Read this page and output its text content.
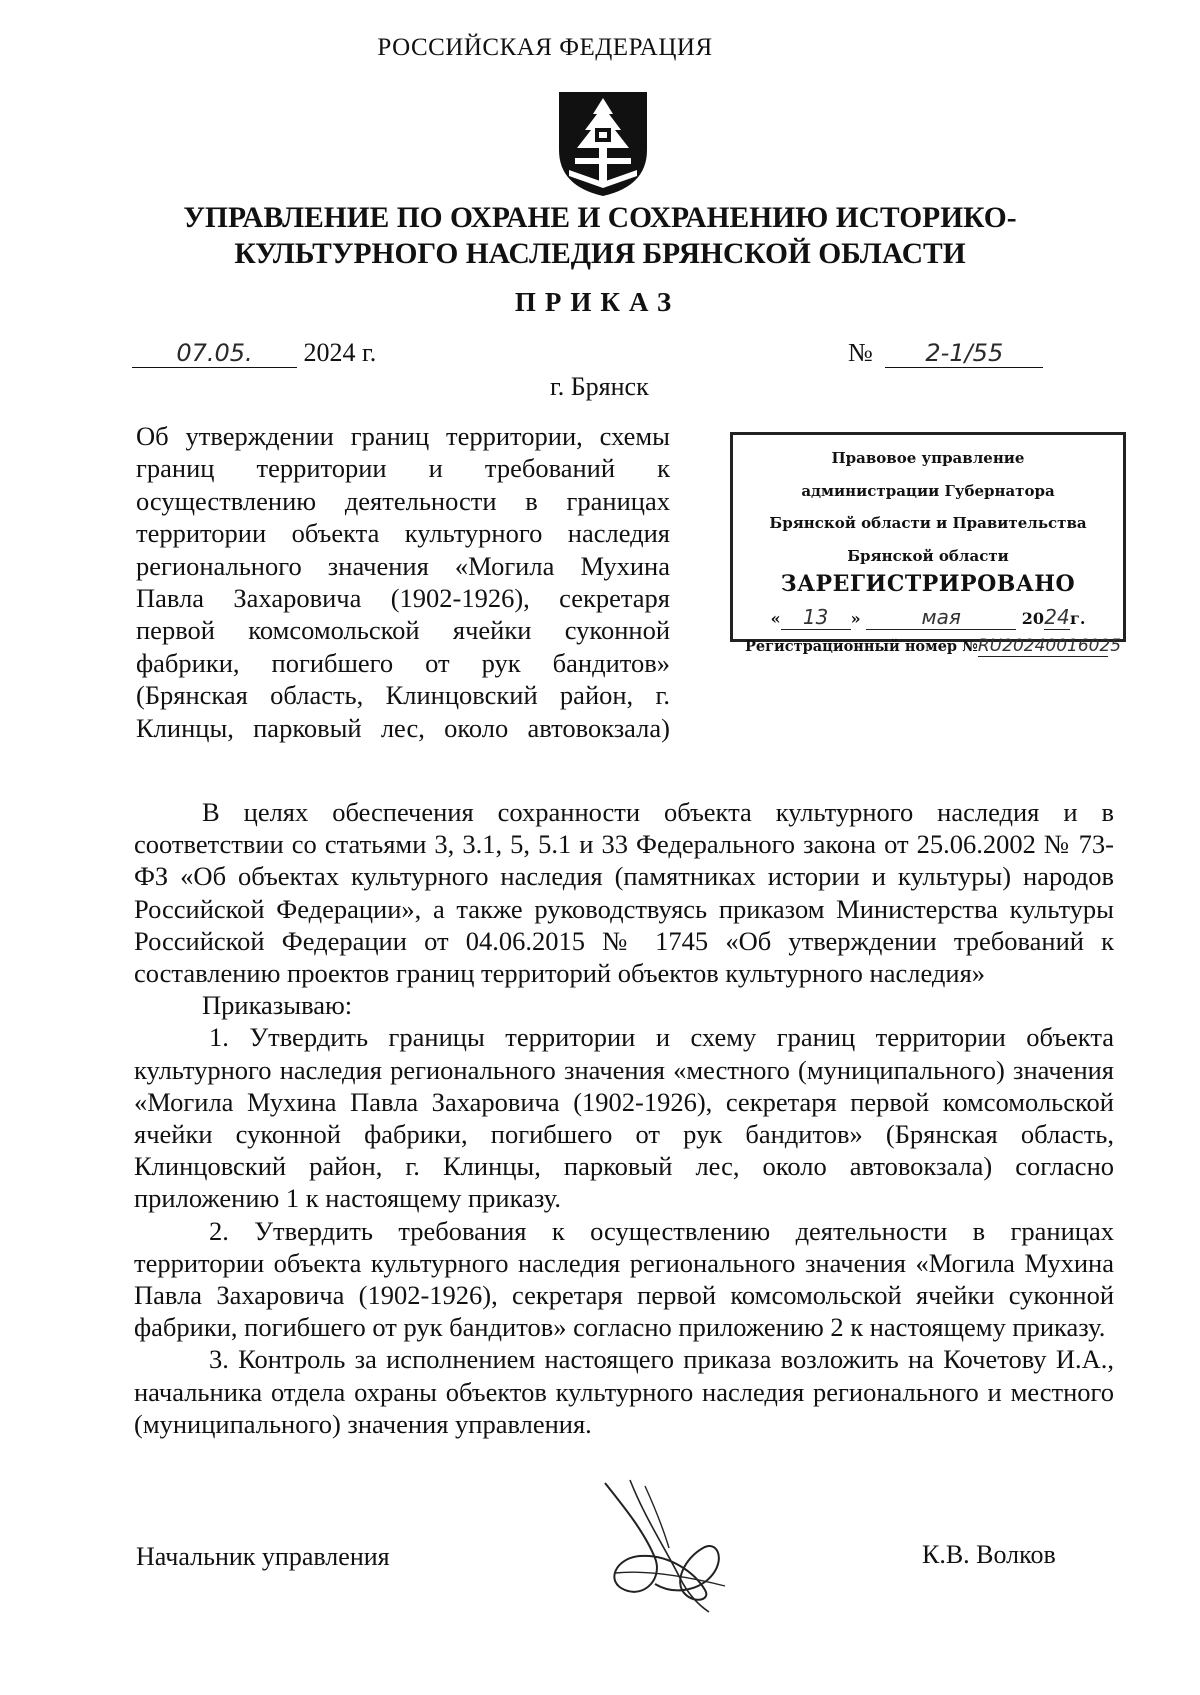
РОССИЙСКАЯ ФЕДЕРАЦИЯ
УПРАВЛЕНИЕ ПО ОХРАНЕ И СОХРАНЕНИЮ ИСТОРИКО-КУЛЬТУРНОГО НАСЛЕДИЯ БРЯНСКОЙ ОБЛАСТИ
ПРИКАЗ
07.05. 2024 г.	№ 2-1/55
г. Брянск

Об утверждении границ территории, схемы границ территории и требований к осуществлению деятельности в границах территории объекта культурного наследия регионального значения «Могила Мухина Павла Захаровича (1902-1926), секретаря первой комсомольской ячейки суконной фабрики, погибшего от рук бандитов»

(Брянская область, Клинцовский район, г. Клинцы, парковый лес, около автовокзала)

Правовое управление
администрации Губернатора
Брянской области и Правительства
Брянской области
ЗАРЕГИСТРИРОВАНО
« 13 »	мая	2024г.
Регистрационный номер №RU20240016025

В целях обеспечения сохранности объекта культурного наследия и в соответствии со статьями 3, 3.1, 5, 5.1 и 33 Федерального закона от 25.06.2002 № 73-ФЗ «Об объектах культурного наследия (памятниках истории и культуры) народов Российской Федерации», а также руководствуясь приказом Министерства культуры Российской Федерации от 04.06.2015 № 1745 «Об утверждении требований к составлению проектов границ территорий объектов культурного наследия»

Приказываю:

1. Утвердить границы территории и схему границ территории объекта культурного наследия регионального значения «местного (муниципального) значения «Могила Мухина Павла Захаровича (1902-1926), секретаря первой комсомольской ячейки суконной фабрики, погибшего от рук бандитов» (Брянская область, Клинцовский район, г. Клинцы, парковый лес, около автовокзала) согласно приложению 1 к настоящему приказу.

2. Утвердить требования к осуществлению деятельности в границах территории объекта культурного наследия регионального значения «Могила Мухина Павла Захаровича (1902-1926), секретаря первой комсомольской ячейки суконной фабрики, погибшего от рук бандитов» согласно приложению 2 к настоящему приказу.

3. Контроль за исполнением настоящего приказа возложить на Кочетову И.А., начальника отдела охраны объектов культурного наследия регионального и местного (муниципального) значения управления.

Начальник управления	К.В. Волков
